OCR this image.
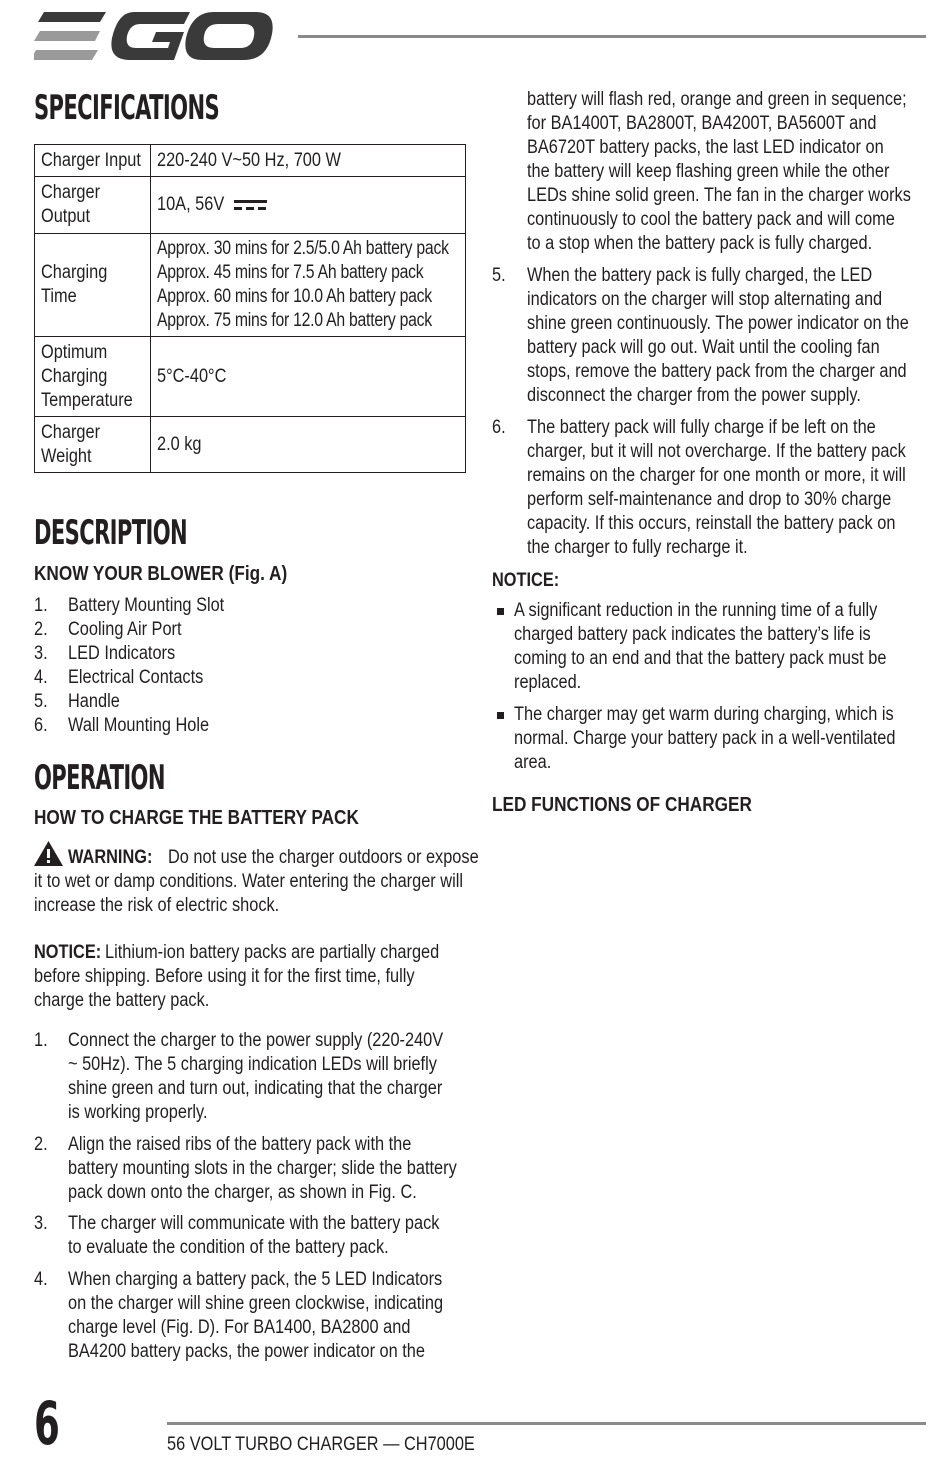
SPECIFICATIONS
Charger Input	220-240 V~50 Hz, 700 W
Charger
Output	10A, 56V
Charging
Time	Approx. 30 mins for 2.5/5.0 Ah battery pack
Approx. 45 mins for 7.5 Ah battery pack
Approx. 60 mins for 10.0 Ah battery pack
Approx. 75 mins for 12.0 Ah battery pack
Optimum
Charging
Temperature	5°C-40°C
Charger
Weight	2.0 kg
DESCRIPTION
KNOW YOUR BLOWER (Fig. A)
1. Battery Mounting Slot
2. Cooling Air Port
3. LED Indicators
4. Electrical Contacts
5. Handle
6. Wall Mounting Hole
OPERATION
HOW TO CHARGE THE BATTERY PACK
WARNING: Do not use the charger outdoors or expose
it to wet or damp conditions. Water entering the charger will
increase the risk of electric shock.
NOTICE: Lithium-ion battery packs are partially charged
before shipping. Before using it for the first time, fully
charge the battery pack.
1. Connect the charger to the power supply (220-240V
~ 50Hz). The 5 charging indication LEDs will briefly
shine green and turn out, indicating that the charger
is working properly.
2. Align the raised ribs of the battery pack with the
battery mounting slots in the charger; slide the battery
pack down onto the charger, as shown in Fig. C.
3. The charger will communicate with the battery pack
to evaluate the condition of the battery pack.
4. When charging a battery pack, the 5 LED Indicators
on the charger will shine green clockwise, indicating
charge level (Fig. D). For BA1400, BA2800 and
BA4200 battery packs, the power indicator on the
battery will flash red, orange and green in sequence;
for BA1400T, BA2800T, BA4200T, BA5600T and
BA6720T battery packs, the last LED indicator on
the battery will keep flashing green while the other
LEDs shine solid green. The fan in the charger works
continuously to cool the battery pack and will come
to a stop when the battery pack is fully charged.
5. When the battery pack is fully charged, the LED
indicators on the charger will stop alternating and
shine green continuously. The power indicator on the
battery pack will go out. Wait until the cooling fan
stops, remove the battery pack from the charger and
disconnect the charger from the power supply.
6. The battery pack will fully charge if be left on the
charger, but it will not overcharge. If the battery pack
remains on the charger for one month or more, it will
perform self-maintenance and drop to 30% charge
capacity. If this occurs, reinstall the battery pack on
the charger to fully recharge it.
NOTICE:
A significant reduction in the running time of a fully
charged battery pack indicates the battery’s life is
coming to an end and that the battery pack must be
replaced.
The charger may get warm during charging, which is
normal. Charge your battery pack in a well-ventilated
area.
LED FUNCTIONS OF CHARGER
6	56 VOLT TURBO CHARGER — CH7000E
